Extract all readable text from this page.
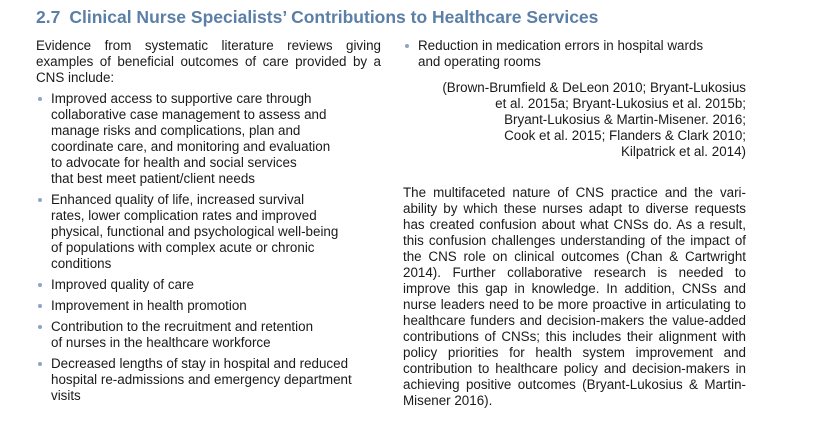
2.7 Clinical Nurse Specialists’ Contributions to Healthcare Services

Evidence from systematic literature reviews giving examples of beneficial outcomes of care provided by a CNS include:

Improved access to supportive care through
collaborative case management to assess and
manage risks and complications, plan and
coordinate care, and monitoring and evaluation
to advocate for health and social services
that best meet patient/client needs
Enhanced quality of life, increased survival
rates, lower complication rates and improved
physical, functional and psychological well-being
of populations with complex acute or chronic
conditions
Improved quality of care
Improvement in health promotion
Contribution to the recruitment and retention
of nurses in the healthcare workforce
Decreased lengths of stay in hospital and reduced
hospital re-admissions and emergency department
visits
Reduction in medication errors in hospital wards
and operating rooms
(Brown-Brumfield & DeLeon 2010; Bryant-Lukosius
et al. 2015a; Bryant-Lukosius et al. 2015b;
Bryant-Lukosius & Martin-Misener. 2016;
Cook et al. 2015; Flanders & Clark 2010;
Kilpatrick et al. 2014)

The multifaceted nature of CNS practice and the vari-ability by which these nurses adapt to diverse requests has created confusion about what CNSs do. As a result, this confusion challenges understanding of the impact of the CNS role on clinical outcomes (Chan & Cartwright 2014). Further collaborative research is needed to improve this gap in knowledge. In addition, CNSs and nurse leaders need to be more proactive in articulating to healthcare funders and decision-makers the value-added contributions of CNSs; this includes their alignment with policy priorities for health system improvement and contribution to healthcare policy and decision-makers in achieving positive outcomes (Bryant-Lukosius & Martin-Misener 2016).
